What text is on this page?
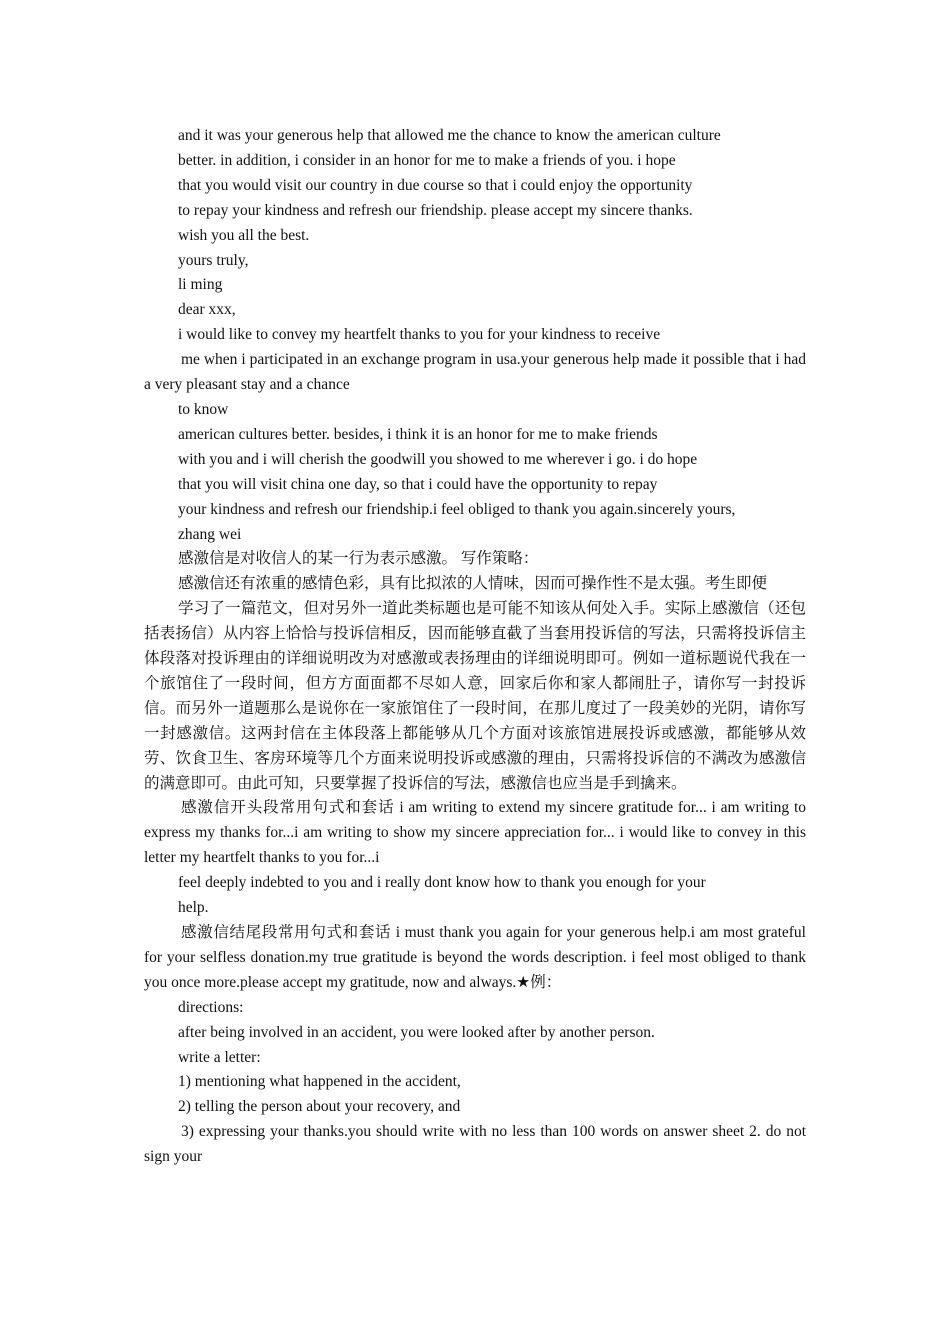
and it was your generous help that allowed me the chance to know the american culture

better. in addition, i consider in an honor for me to make a friends of you. i hope

that you would visit our country in due course so that i could enjoy the opportunity

to repay your kindness and refresh our friendship. please accept my sincere thanks.

wish you all the best.

yours truly,

li ming

dear xxx,

i would like to convey my heartfelt thanks to you for your kindness to receive

me when i participated in an exchange program in usa.your generous help made it possible that i had a very pleasant stay and a chance

to know

american cultures better. besides, i think it is an honor for me to make friends

with you and i will cherish the goodwill you showed to me wherever i go. i do hope

that you will visit china one day, so that i could have the opportunity to repay

your kindness and refresh our friendship.i feel obliged to thank you again.sincerely yours,

zhang wei

感激信是对收信人的某一行为表示感激。 写作策略：

感激信还有浓重的感情色彩，具有比拟浓的人情味，因而可操作性不是太强。考生即便

学习了一篇范文，但对另外一道此类标题也是可能不知该从何处入手。实际上感激信（还包括表扬信）从内容上恰恰与投诉信相反，因而能够直截了当套用投诉信的写法，只需将投诉信主体段落对投诉理由的详细说明改为对感激或表扬理由的详细说明即可。例如一道标题说代我在一个旅馆住了一段时间，但方方面面都不尽如人意，回家后你和家人都闹肚子，请你写一封投诉信。而另外一道题那么是说你在一家旅馆住了一段时间，在那儿度过了一段美妙的光阴，请你写一封感激信。这两封信在主体段落上都能够从几个方面对该旅馆进展投诉或感激，都能够从效劳、饮食卫生、客房环境等几个方面来说明投诉或感激的理由，只需将投诉信的不满改为感激信的满意即可。由此可知，只要掌握了投诉信的写法，感激信也应当是手到擒来。

感激信开头段常用句式和套话 i am writing to extend my sincere gratitude for... i am writing to express my thanks for...i am writing to show my sincere appreciation for... i would like to convey in this letter my heartfelt thanks to you for...i

feel deeply indebted to you and i really dont know how to thank you enough for your

help.

感激信结尾段常用句式和套话 i must thank you again for your generous help.i am most grateful for your selfless donation.my true gratitude is beyond the words description. i feel most obliged to thank you once more.please accept my gratitude, now and always.★例：

directions:

after being involved in an accident, you were looked after by another person.

write a letter:

1) mentioning what happened in the accident,

2) telling the person about your recovery, and

3) expressing your thanks.you should write with no less than 100 words on answer sheet 2. do not sign your
